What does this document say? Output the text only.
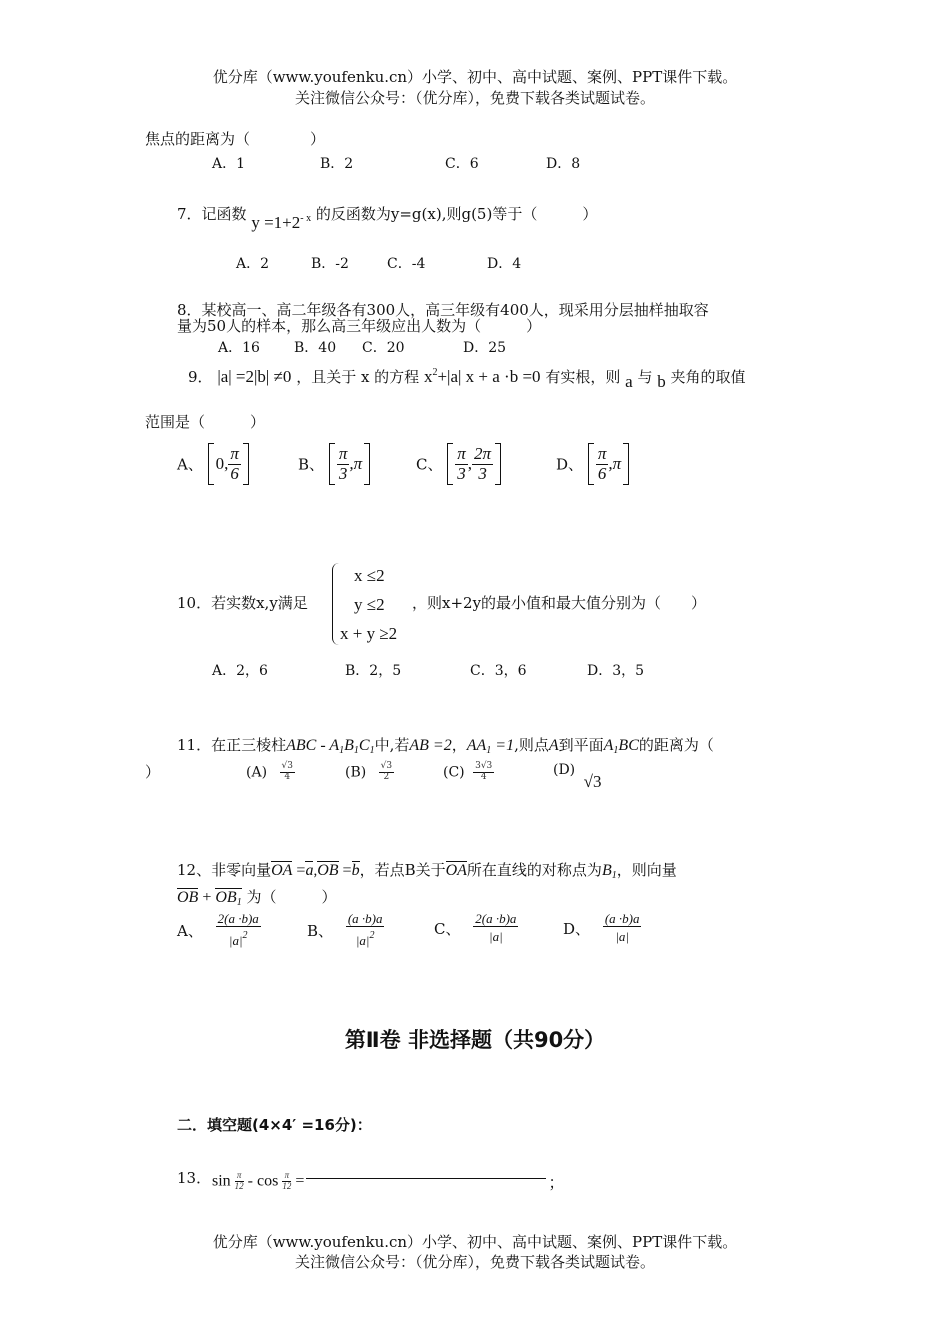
优分库（www.youfenku.cn）小学、初中、高中试题、案例、PPT课件下载。
关注微信公众号：（优分库），免费下载各类试题试卷。
焦点的距离为（　　　　）
A．1	B．2	C．6	D．8
7．记函数 $y =1+2^{- x}$ 的反函数为y=g(x),则g(5)等于（　　　）
A．2	B．-2	C．-4	D．4
8．某校高一、高二年级各有300人，高三年级有400人，现采用分层抽样抽取容
量为50人的样本，那么高三年级应出人数为（　　　）
A．16 B．40 C．20	D．25
9． |a| =2|b| ≠0 ，且关于 x 的方程 $x^2+|a|$ x + a ·b =0 有实根，则 a 与 b 夹角的取值
范围是（　　　）
A、 0, $\frac{\pi}{6}$	B、 $\frac{\pi}{3} ,\pi$	C、 $\frac{\pi}{3}$ , $\frac{2\pi}{3}$	D、 $\frac{\pi}{6} ,\pi$
10．若实数x,y满足
x ≤2
y ≤2
x + y ≥2
，则x+2y的最小值和最大值分别为（　　）
A．2，6	B．2，5	C．3，6	D．3，5
11．在正三棱柱ABC - $A_1B_1C_1$中,若AB =2，$AA_1 =1$,则点A到平面$A_1BC$的距离为（
）	$(A) \frac{√3}{4}$	$(B) \frac{√3}{2}$	$(C) \frac{3√3}{4}$	(D) √3
12、非零向量OA =a,OB =b，若点B关于OA所在直线的对称点为$B_1$，则向量
OB + $OB_1$ 为（　　　）
A、 $\frac{2(a \cdot b)a}{|a|^2}$	B、 $\frac{(a \cdot b)a}{|a|^2}$	C、 $\frac{2(a \cdot b)a}{|a|}$	D、 $\frac{(a \cdot b)a}{|a|}$
第Ⅱ卷 非选择题（共90分）
二．填空题(4×4′ =16分)：
13． $\sin \frac{\pi}{12}$ - $\cos \frac{\pi}{12}$ =	；
优分库（www.youfenku.cn）小学、初中、高中试题、案例、PPT课件下载。
关注微信公众号：（优分库），免费下载各类试题试卷。
